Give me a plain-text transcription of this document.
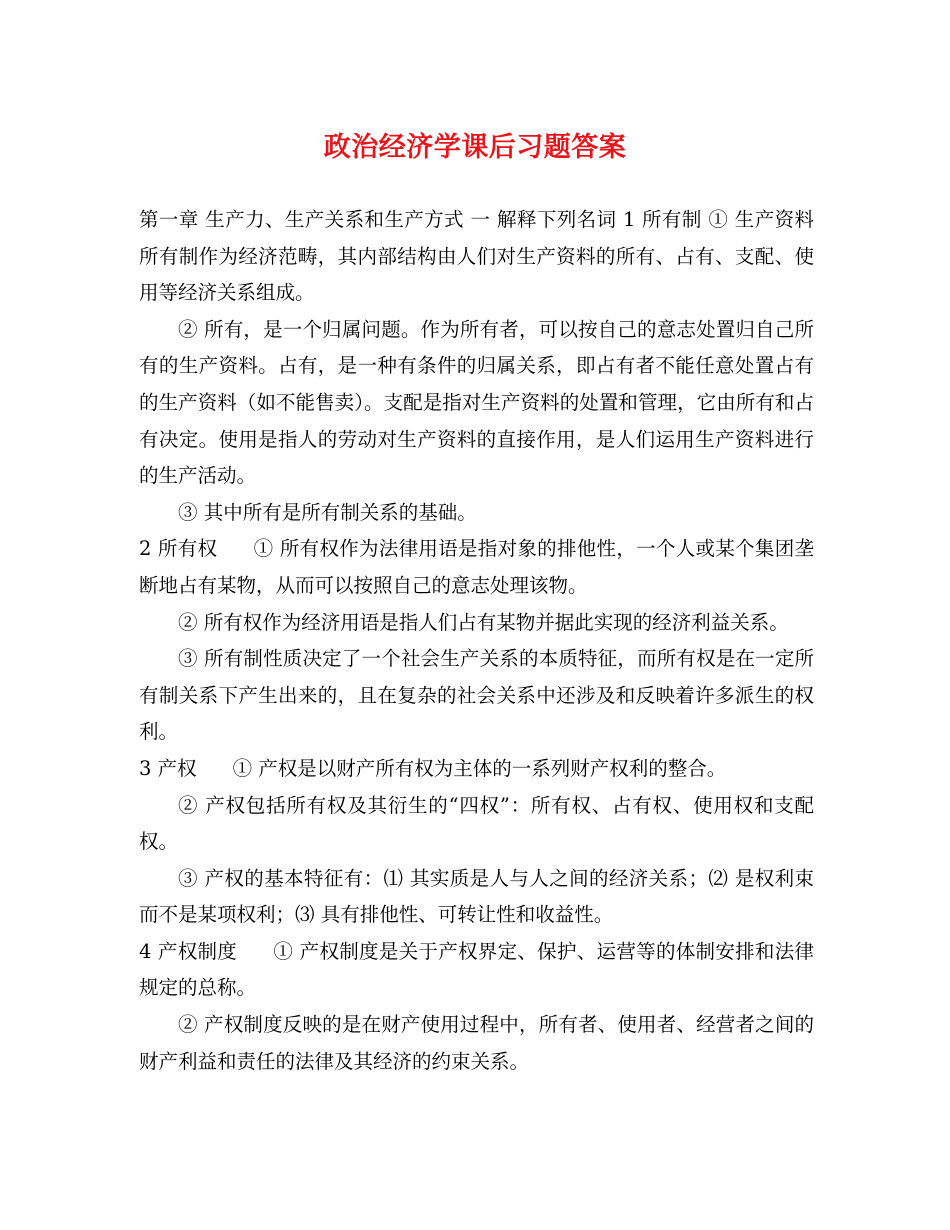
政治经济学课后习题答案

第一章 生产力、生产关系和生产方式 一 解释下列名词 1 所有制 ① 生产资料所有制作为经济范畴，其内部结构由人们对生产资料的所有、占有、支配、使用等经济关系组成。

② 所有，是一个归属问题。作为所有者，可以按自己的意志处置归自己所有的生产资料。占有，是一种有条件的归属关系，即占有者不能任意处置占有的生产资料（如不能售卖）。支配是指对生产资料的处置和管理，它由所有和占有决定。使用是指人的劳动对生产资料的直接作用，是人们运用生产资料进行的生产活动。

③ 其中所有是所有制关系的基础。

2 所有权 ① 所有权作为法律用语是指对象的排他性，一个人或某个集团垄断地占有某物，从而可以按照自己的意志处理该物。

② 所有权作为经济用语是指人们占有某物并据此实现的经济利益关系。

③ 所有制性质决定了一个社会生产关系的本质特征，而所有权是在一定所有制关系下产生出来的，且在复杂的社会关系中还涉及和反映着许多派生的权利。

3 产权 ① 产权是以财产所有权为主体的一系列财产权利的整合。

② 产权包括所有权及其衍生的“四权”：所有权、占有权、使用权和支配权。

③ 产权的基本特征有：⑴ 其实质是人与人之间的经济关系；⑵ 是权利束而不是某项权利；⑶ 具有排他性、可转让性和收益性。

4 产权制度 ① 产权制度是关于产权界定、保护、运营等的体制安排和法律规定的总称。

② 产权制度反映的是在财产使用过程中，所有者、使用者、经营者之间的财产利益和责任的法律及其经济的约束关系。
